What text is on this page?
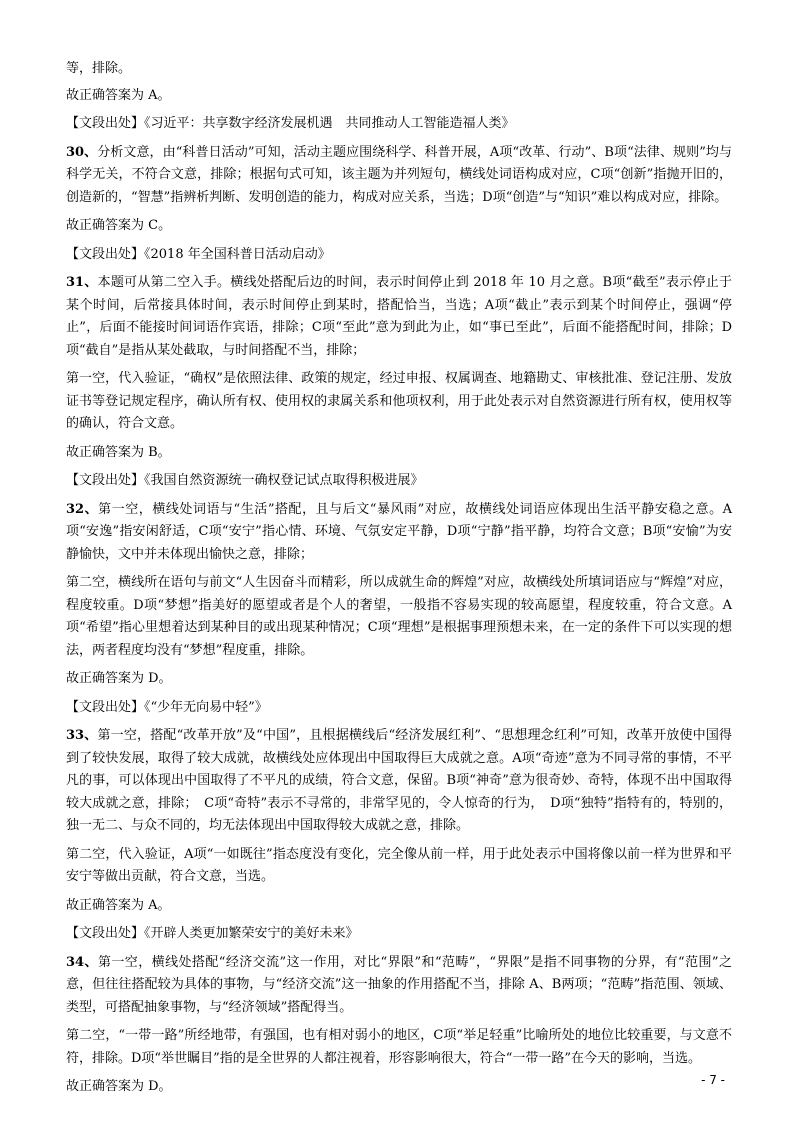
等，排除。

故正确答案为 A。

【文段出处】《习近平：共享数字经济发展机遇　共同推动人工智能造福人类》

30、分析文意，由“科普日活动”可知，活动主题应围绕科学、科普开展，A项“改革、行动”、B项“法律、规则”均与科学无关，不符合文意，排除；根据句式可知，该主题为并列短句，横线处词语构成对应，C项“创新”指抛开旧的，创造新的，“智慧”指辨析判断、发明创造的能力，构成对应关系，当选；D项“创造”与“知识”难以构成对应，排除。

故正确答案为 C。

【文段出处】《2018 年全国科普日活动启动》

31、本题可从第二空入手。横线处搭配后边的时间，表示时间停止到 2018 年 10 月之意。B项“截至”表示停止于某个时间，后常接具体时间，表示时间停止到某时，搭配恰当，当选；A项“截止”表示到某个时间停止，强调“停止”，后面不能接时间词语作宾语，排除；C项“至此”意为到此为止，如“事已至此”，后面不能搭配时间，排除；D项“截自”是指从某处截取，与时间搭配不当，排除；

第一空，代入验证，“确权”是依照法律、政策的规定，经过申报、权属调查、地籍勘丈、审核批准、登记注册、发放证书等登记规定程序，确认所有权、使用权的隶属关系和他项权利，用于此处表示对自然资源进行所有权，使用权等的确认，符合文意。

故正确答案为 B。

【文段出处】《我国自然资源统一确权登记试点取得积极进展》

32、第一空，横线处词语与“生活”搭配，且与后文“暴风雨”对应，故横线处词语应体现出生活平静安稳之意。A项“安逸”指安闲舒适，C项“安宁”指心情、环境、气氛安定平静，D项“宁静”指平静，均符合文意；B项“安愉”为安静愉快，文中并未体现出愉快之意，排除；

第二空，横线所在语句与前文“人生因奋斗而精彩，所以成就生命的辉煌”对应，故横线处所填词语应与“辉煌”对应，程度较重。D项“梦想”指美好的愿望或者是个人的奢望，一般指不容易实现的较高愿望，程度较重，符合文意。A项“希望”指心里想着达到某种目的或出现某种情况；C项“理想”是根据事理预想未来，在一定的条件下可以实现的想法，两者程度均没有“梦想”程度重，排除。

故正确答案为 D。

【文段出处】《“少年无向易中轻”》

33、第一空，搭配“改革开放”及“中国”，且根据横线后“经济发展红利”、“思想理念红利”可知，改革开放使中国得到了较快发展，取得了较大成就，故横线处应体现出中国取得巨大成就之意。A项“奇迹”意为不同寻常的事情，不平凡的事，可以体现出中国取得了不平凡的成绩，符合文意，保留。B项“神奇”意为很奇妙、奇特，体现不出中国取得较大成就之意，排除；　C项“奇特”表示不寻常的，非常罕见的，令人惊奇的行为，　D项“独特”指特有的，特别的，独一无二、与众不同的，均无法体现出中国取得较大成就之意，排除。

第二空，代入验证，A项“一如既往”指态度没有变化，完全像从前一样，用于此处表示中国将像以前一样为世界和平安宁等做出贡献，符合文意，当选。

故正确答案为 A。

【文段出处】《开辟人类更加繁荣安宁的美好未来》

34、第一空，横线处搭配“经济交流”这一作用，对比“界限”和“范畴”，“界限”是指不同事物的分界，有“范围”之意，但往往搭配较为具体的事物，与“经济交流”这一抽象的作用搭配不当，排除 A、B两项；“范畴”指范围、领域、类型，可搭配抽象事物，与“经济领域”搭配得当。

第二空，“一带一路”所经地带，有强国，也有相对弱小的地区，C项“举足轻重”比喻所处的地位比较重要，与文意不符，排除。D项“举世瞩目”指的是全世界的人都注视着，形容影响很大，符合“一带一路”在今天的影响，当选。

故正确答案为 D。	- 7 -
